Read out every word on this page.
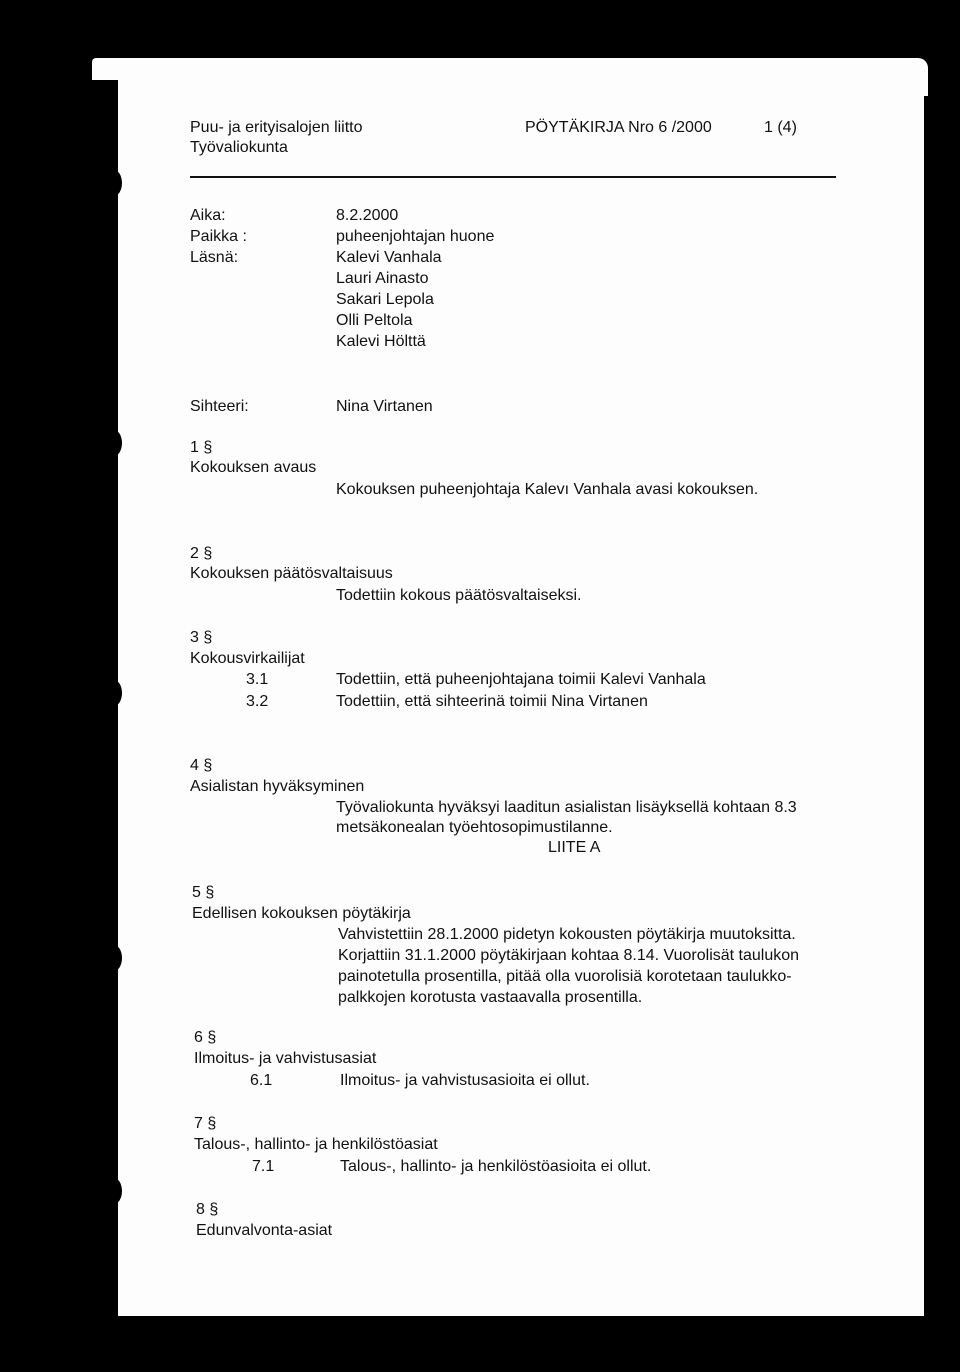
Puu- ja erityisalojen liitto
Työvaliokunta
PÖYTÄKIRJA Nro 6 /2000	1 (4)
Aika:	8.2.2000
Paikka :	puheenjohtajan huone
Läsnä:	Kalevi Vanhala
Lauri Ainasto
Sakari Lepola
Olli Peltola
Kalevi Hölttä
Sihteeri:	Nina Virtanen
1 §
Kokouksen avaus
Kokouksen puheenjohtaja Kalevı Vanhala avasi kokouksen.
2 §
Kokouksen päätösvaltaisuus
Todettiin kokous päätösvaltaiseksi.
3 §
Kokousvirkailijat
3.1	Todettiin, että puheenjohtajana toimii Kalevi Vanhala
3.2	Todettiin, että sihteerinä toimii Nina Virtanen
4 §
Asialistan hyväksyminen
Työvaliokunta hyväksyi laaditun asialistan lisäyksellä kohtaan 8.3
metsäkonealan työehtosopimustilanne.
LIITE A
5 §
Edellisen kokouksen pöytäkirja
Vahvistettiin 28.1.2000 pidetyn kokousten pöytäkirja muutoksitta.
Korjattiin 31.1.2000 pöytäkirjaan kohtaa 8.14. Vuorolisät taulukon
painotetulla prosentilla, pitää olla vuorolisiä korotetaan taulukko-
palkkojen korotusta vastaavalla prosentilla.
6 §
Ilmoitus- ja vahvistusasiat
6.1	Ilmoitus- ja vahvistusasioita ei ollut.
7 §
Talous-, hallinto- ja henkilöstöasiat
7.1	Talous-, hallinto- ja henkilöstöasioita ei ollut.
8 §
Edunvalvonta-asiat
